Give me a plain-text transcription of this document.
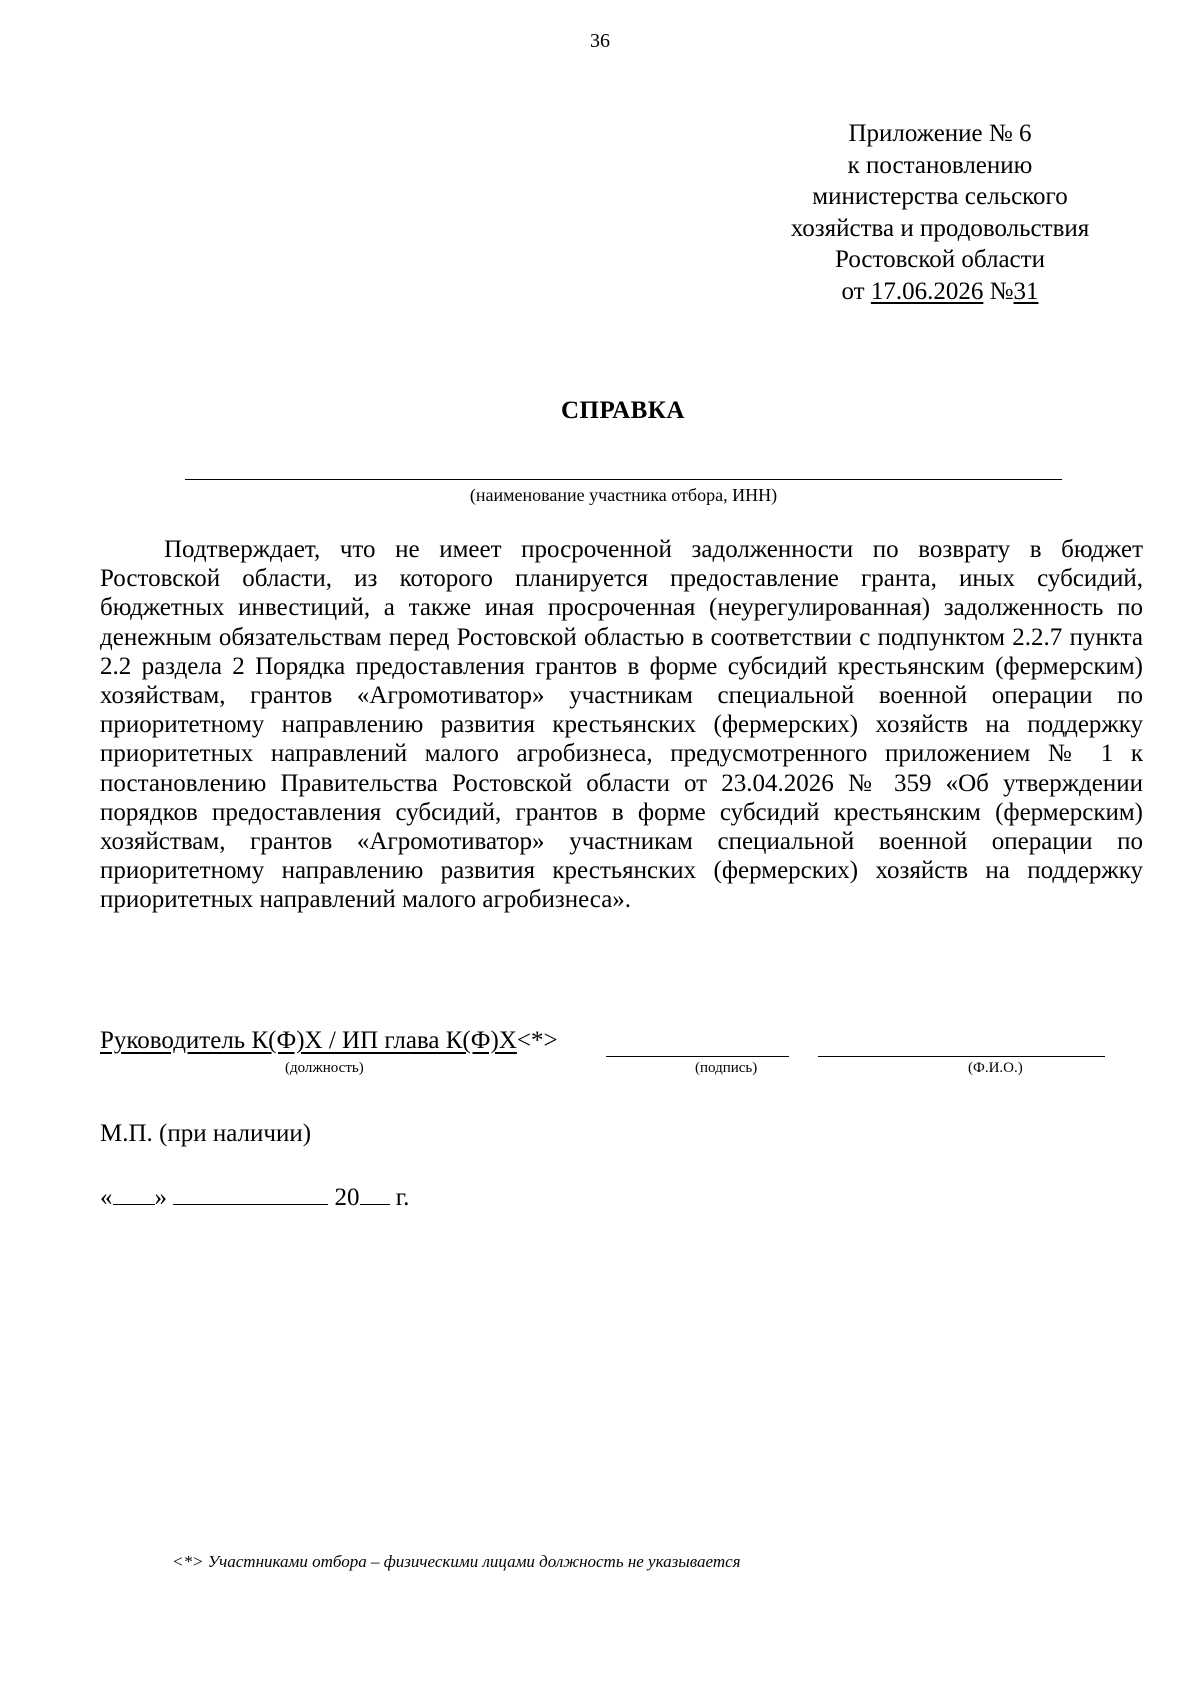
36
Приложение № 6
к постановлению
министерства сельского
хозяйства и продовольствия
Ростовской области
от 17.06.2026 №31
СПРАВКА
(наименование участника отбора, ИНН)

Подтверждает, что не имеет просроченной задолженности по возврату в бюджет Ростовской области, из которого планируется предоставление гранта, иных субсидий, бюджетных инвестиций, а также иная просроченная (неурегулированная) задолженность по денежным обязательствам перед Ростовской областью в соответствии с подпунктом 2.2.7 пункта 2.2 раздела 2 Порядка предоставления грантов в форме субсидий крестьянским (фермерским) хозяйствам, грантов «Агромотиватор» участникам специальной военной операции по приоритетному направлению развития крестьянских (фермерских) хозяйств на поддержку приоритетных направлений малого агробизнеса, предусмотренного приложением № 1 к постановлению Правительства Ростовской области от 23.04.2026 № 359 «Об утверждении порядков предоставления субсидий, грантов в форме субсидий крестьянским (фермерским) хозяйствам, грантов «Агромотиватор» участникам специальной военной операции по приоритетному направлению развития крестьянских (фермерских) хозяйств на поддержку приоритетных направлений малого агробизнеса».

Руководитель К(Ф)Х / ИП глава К(Ф)Х<*>
(должность)	(подпись)	(Ф.И.О.)
М.П. (при наличии)
« »	20 г.
<*> Участниками отбора – физическими лицами должность не указывается
